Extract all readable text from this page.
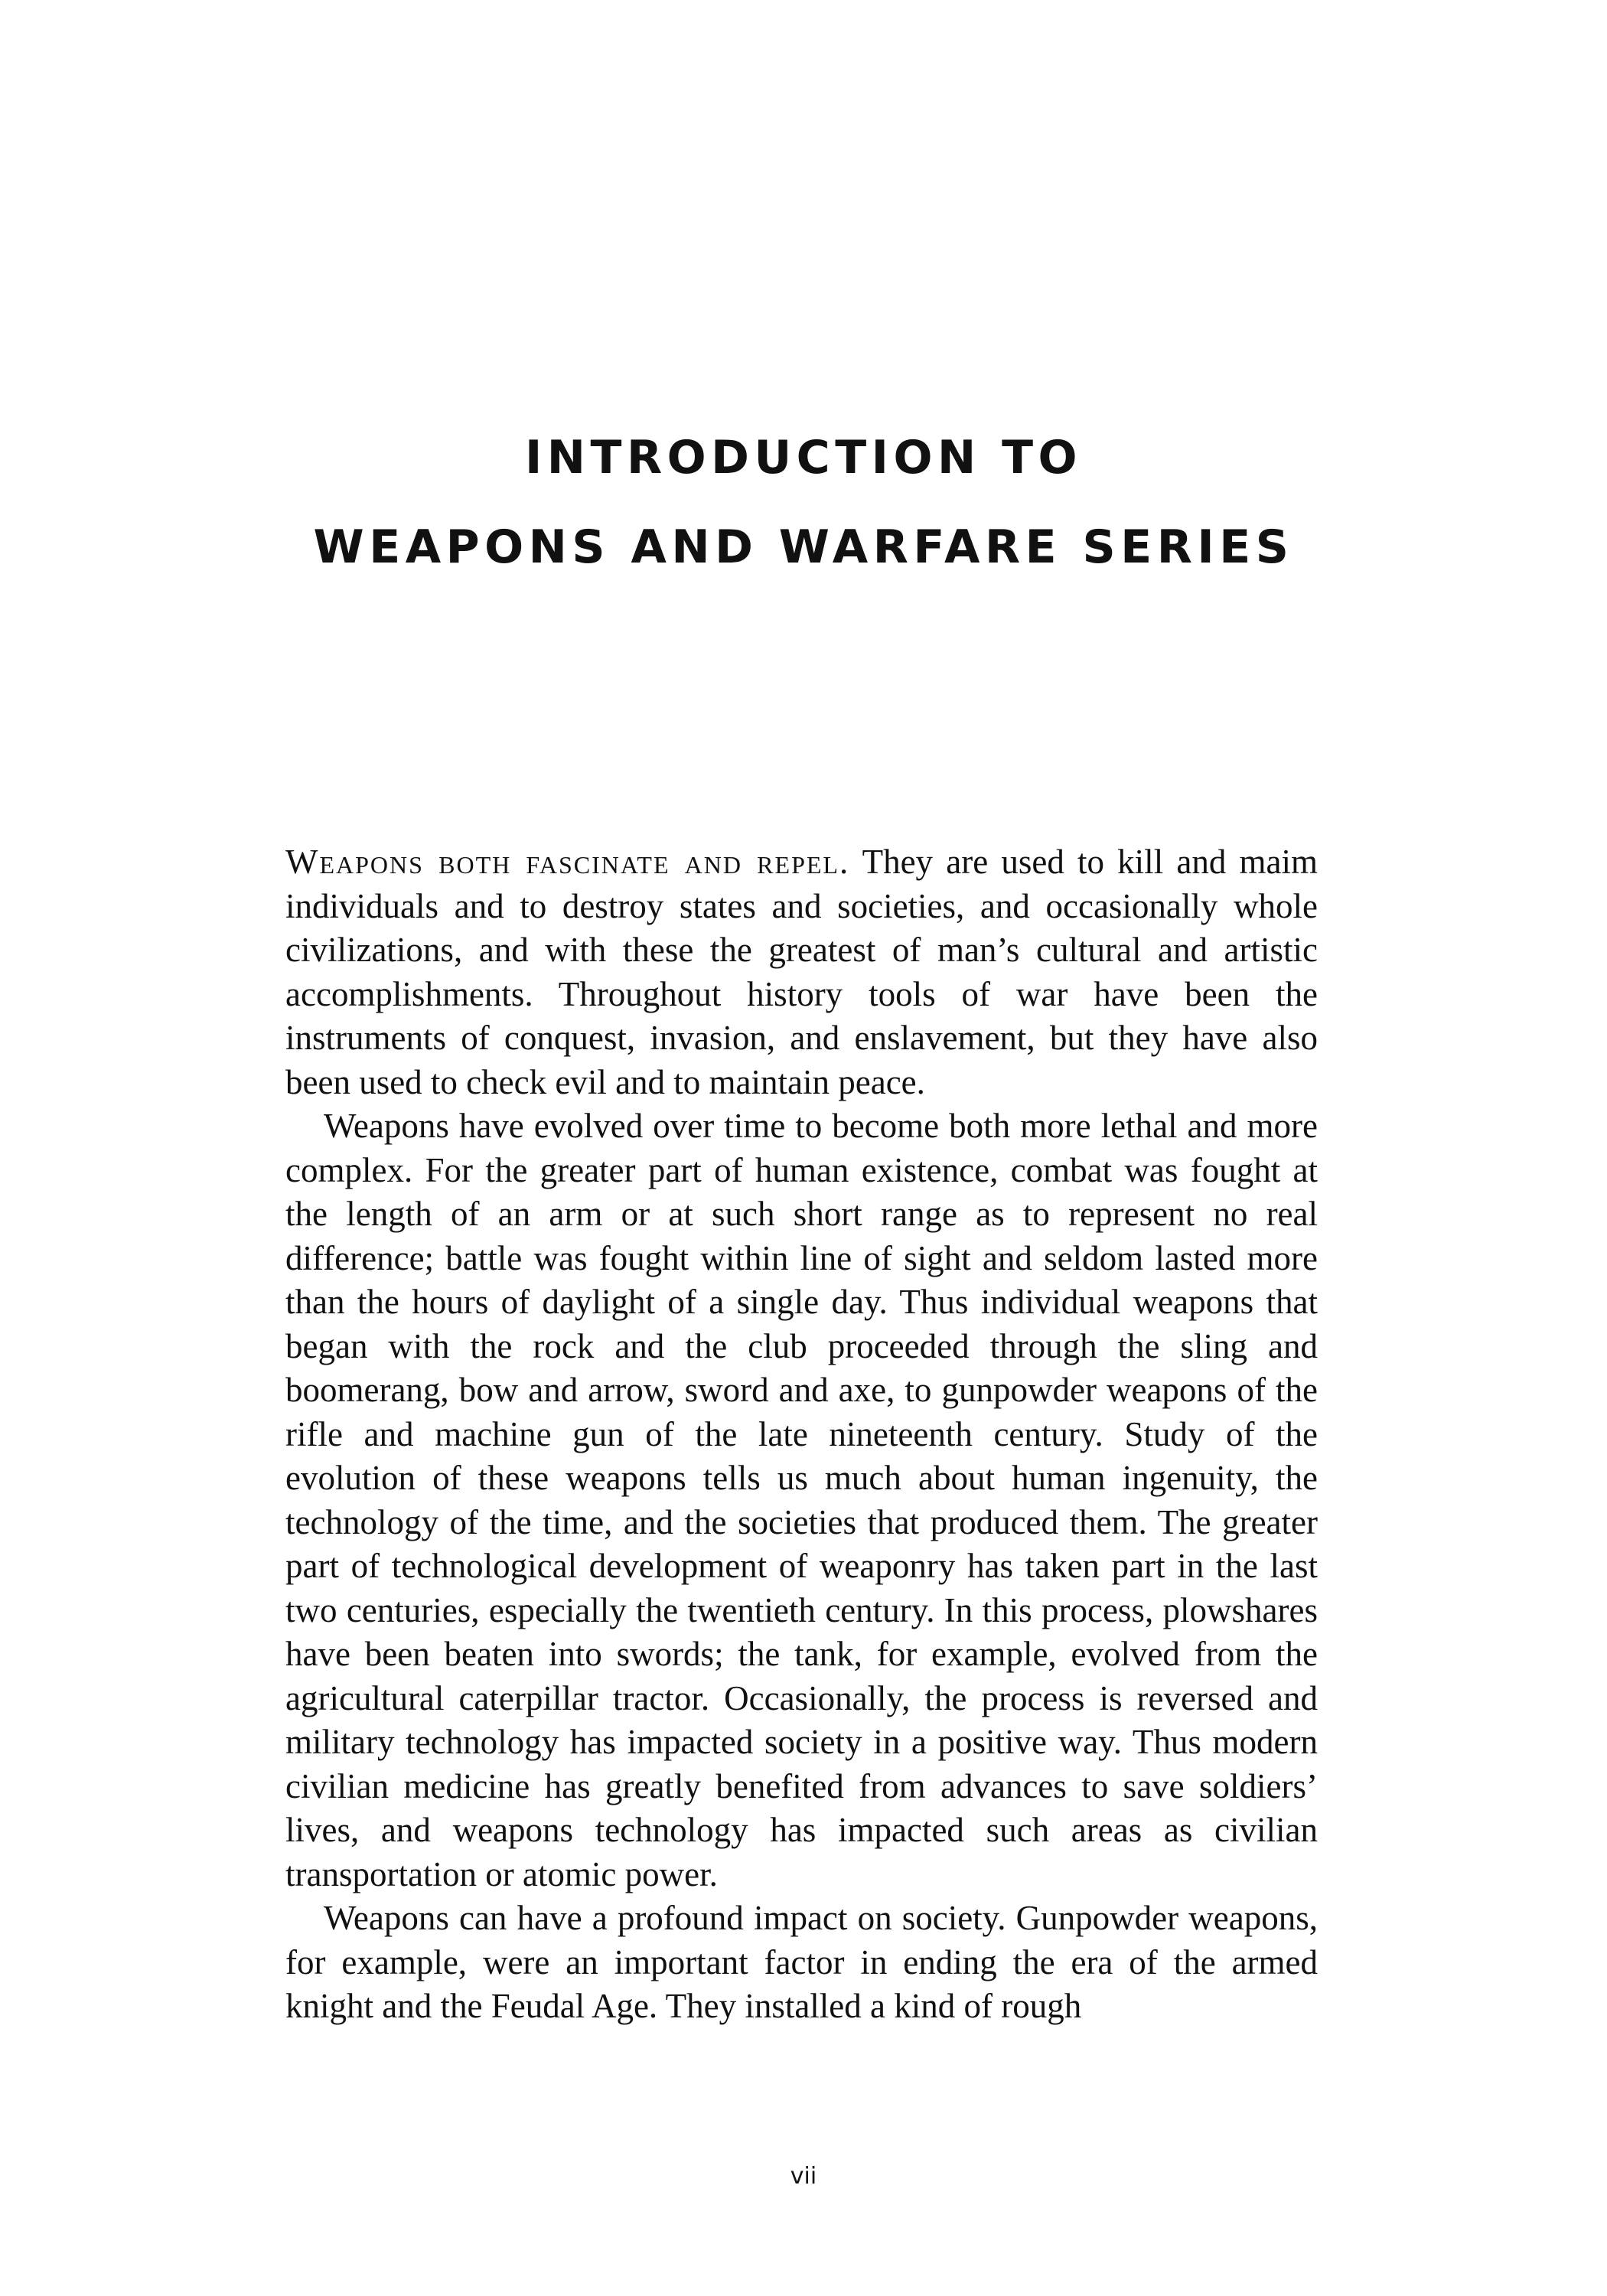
INTRODUCTION TO
WEAPONS AND WARFARE SERIES

Weapons both fascinate and repel. They are used to kill and maim individuals and to destroy states and societies, and occasionally whole civilizations, and with these the greatest of man’s cultural and artistic accomplishments. Throughout history tools of war have been the instruments of conquest, invasion, and enslavement, but they have also been used to check evil and to maintain peace.

Weapons have evolved over time to become both more lethal and more complex. For the greater part of human existence, combat was fought at the length of an arm or at such short range as to represent no real difference; battle was fought within line of sight and seldom lasted more than the hours of daylight of a single day. Thus individual weapons that began with the rock and the club proceeded through the sling and boomerang, bow and arrow, sword and axe, to gunpowder weapons of the rifle and machine gun of the late nineteenth century. Study of the evolution of these weapons tells us much about human ingenuity, the technology of the time, and the societies that produced them. The greater part of technological development of weaponry has taken part in the last two centuries, especially the twentieth century. In this process, plowshares have been beaten into swords; the tank, for example, evolved from the agricultural caterpillar tractor. Occasionally, the process is reversed and military technology has impacted society in a positive way. Thus modern civilian medicine has greatly benefited from advances to save soldiers’ lives, and weapons technology has impacted such areas as civilian transportation or atomic power.

Weapons can have a profound impact on society. Gunpowder weapons, for example, were an important factor in ending the era of the armed knight and the Feudal Age. They installed a kind of rough

vii
